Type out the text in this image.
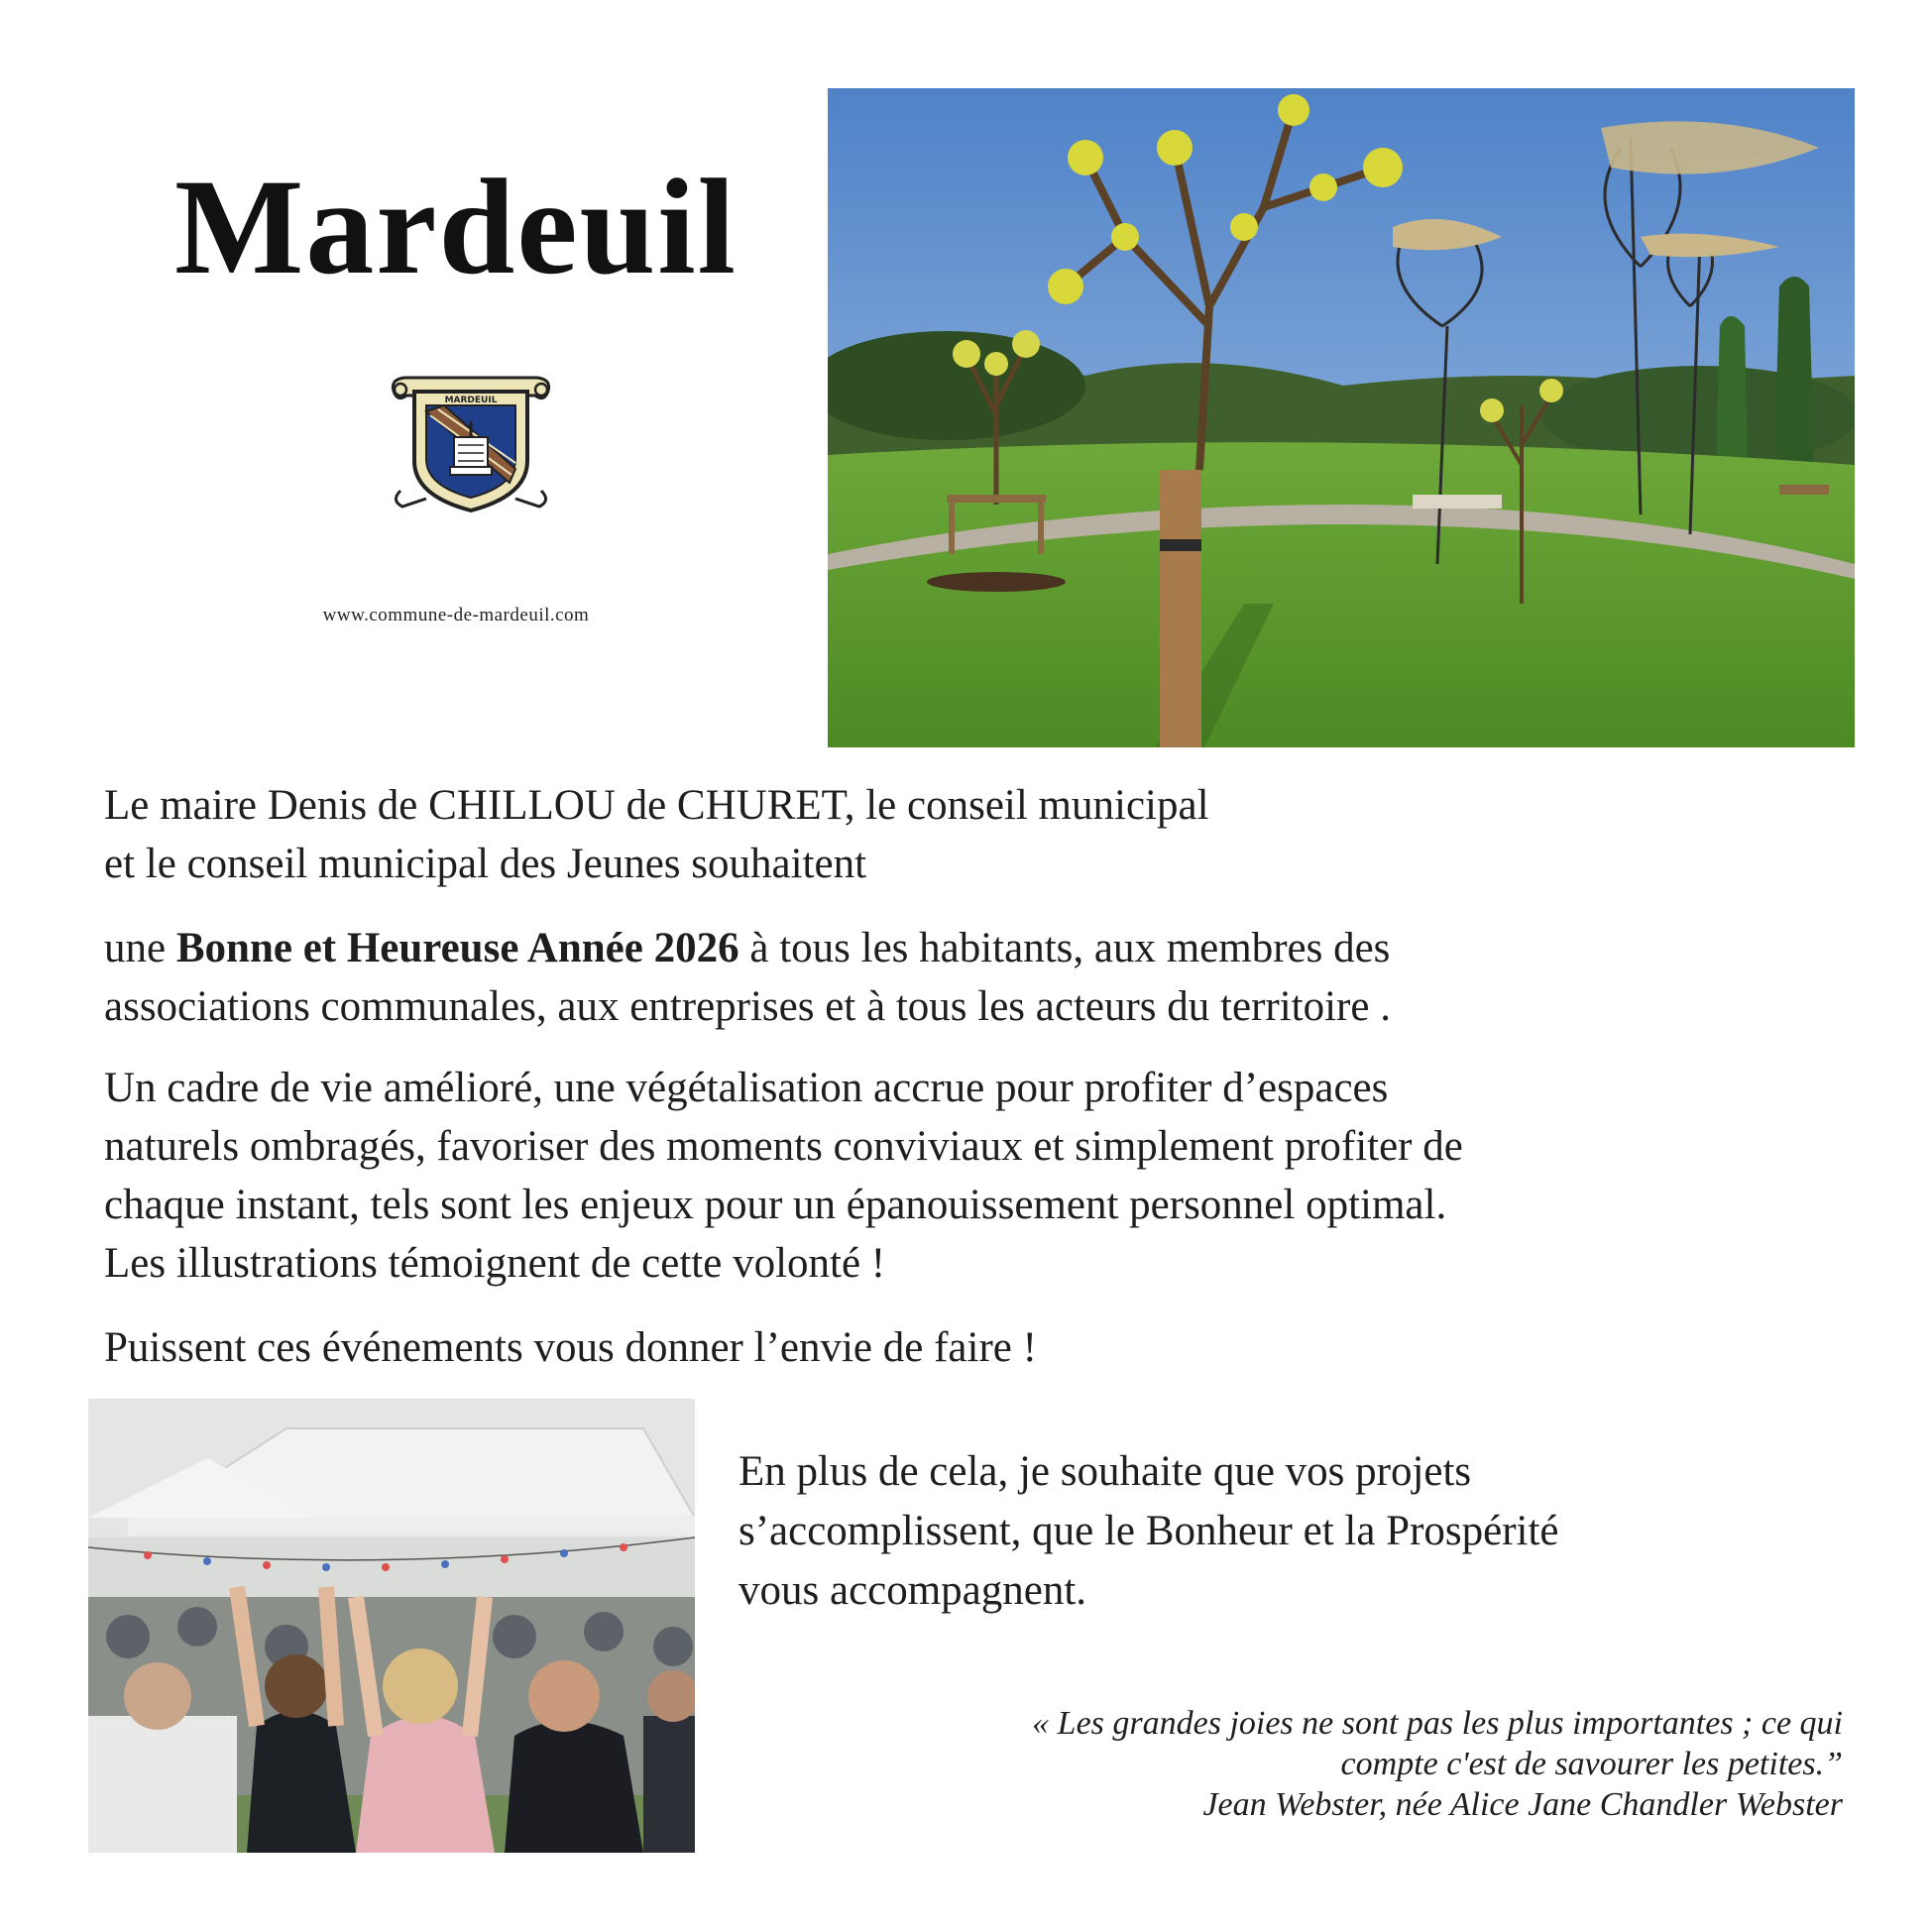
Mardeuil
MARDEUIL
www.commune-de-mardeuil.com
Le maire Denis de CHILLOU de CHURET, le conseil municipal
et le conseil municipal des Jeunes souhaitent
une Bonne et Heureuse Année 2026 à tous les habitants, aux membres des
associations communales, aux entreprises et à tous les acteurs du territoire .
Un cadre de vie amélioré, une végétalisation accrue pour profiter d’espaces
naturels ombragés, favoriser des moments conviviaux et simplement profiter de
chaque instant, tels sont les enjeux pour un épanouissement personnel optimal.
Les illustrations témoignent de cette volonté !
Puissent ces événements vous donner l’envie de faire !
En plus de cela, je souhaite que vos projets
s’accomplissent, que le Bonheur et la Prospérité
vous accompagnent.
« Les grandes joies ne sont pas les plus importantes ; ce qui
compte c'est de savourer les petites.”
Jean Webster, née Alice Jane Chandler Webster
